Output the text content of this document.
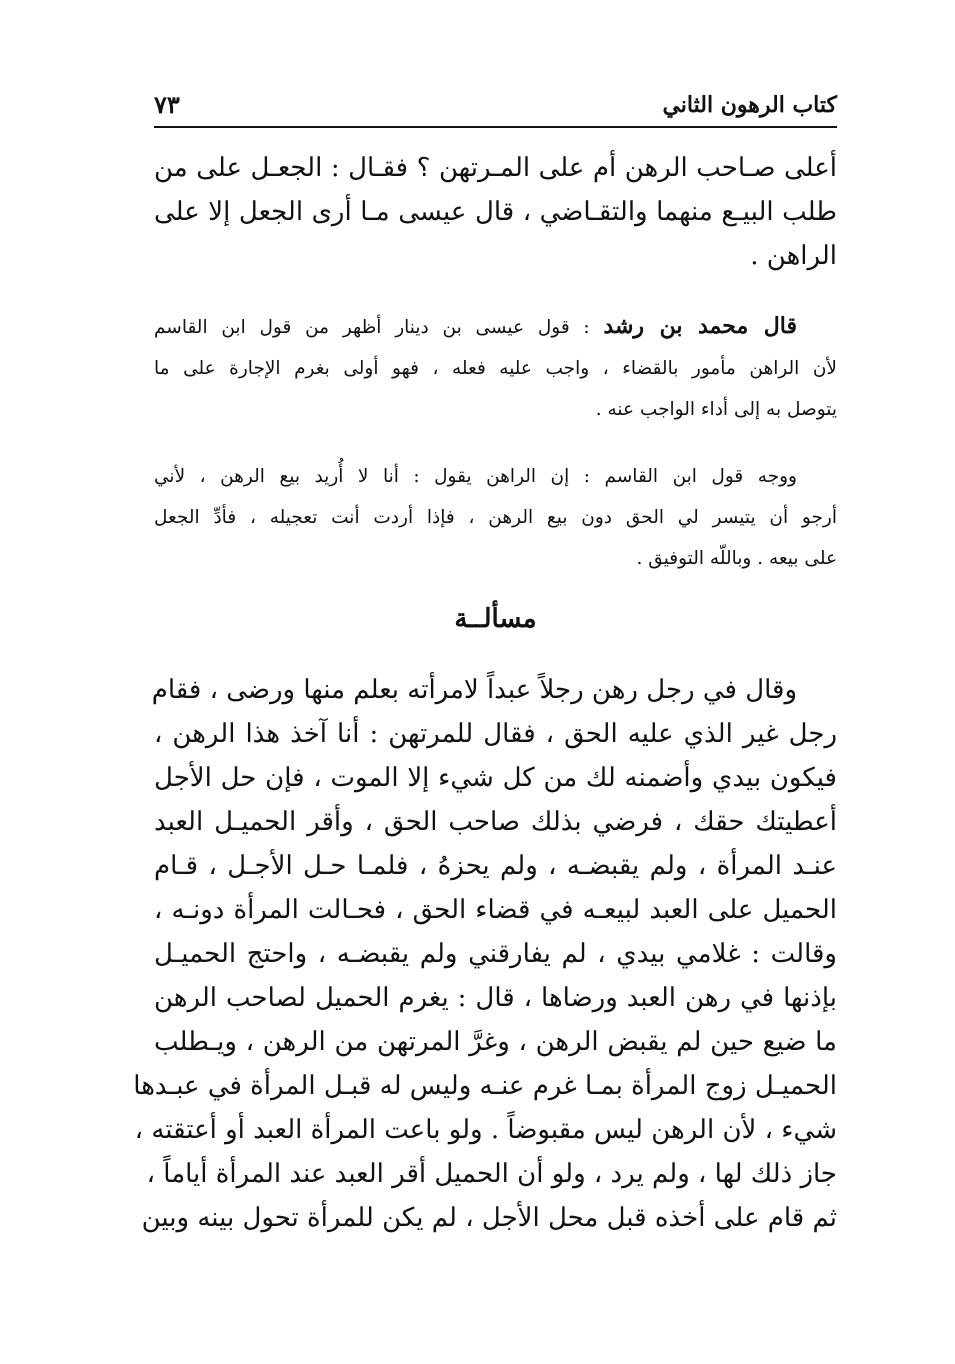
كتاب الرهون الثاني
٧٣
أعلى صـاحب الرهن أم على المـرتهن ؟ فقـال : الجعـل على من
طلب البيـع منهما والتقـاضي ، قال عيسى مـا أرى الجعل إلا على
الراهن .
قال محمد بن رشد : قول عيسى بن دينار أظهر من قول ابن القاسم
لأن الراهن مأمور بالقضاء ، واجب عليه فعله ، فهو أولى بغرم الإجارة على ما
يتوصل به إلى أداء الواجب عنه .
ووجه قول ابن القاسم : إن الراهن يقول : أنا لا أُريد بيع الرهن ، لأني
أرجو أن يتيسر لي الحق دون بيع الرهن ، فإذا أردت أنت تعجيله ، فأدِّ الجعل
على بيعه . وباللّه التوفيق .
مسألــة
وقال في رجل رهن رجلاً عبداً لامرأته بعلم منها ورضى ، فقام
رجل غير الذي عليه الحق ، فقال للمرتهن : أنا آخذ هذا الرهن ،
فيكون بيدي وأضمنه لك من كل شيء إلا الموت ، فإن حل الأجل
أعطيتك حقك ، فرضي بذلك صاحب الحق ، وأقر الحميـل العبد
عنـد المرأة ، ولم يقبضـه ، ولم يحزهُ ، فلمـا حـل الأجـل ، قـام
الحميل على العبد لبيعـه في قضاء الحق ، فحـالت المرأة دونـه ،
وقالت : غلامي بيدي ، لم يفارقني ولم يقبضـه ، واحتج الحميـل
بإذنها في رهن العبد ورضاها ، قال : يغرم الحميل لصاحب الرهن
ما ضيع حين لم يقبض الرهن ، وغرَّ المرتهن من الرهن ، ويـطلب
الحميـل زوج المرأة بمـا غرم عنـه وليس له قبـل المرأة في عبـدها
شيء ، لأن الرهن ليس مقبوضاً . ولو باعت المرأة العبد أو أعتقته ،
جاز ذلك لها ، ولم يرد ، ولو أن الحميل أقر العبد عند المرأة أياماً ،
ثم قام على أخذه قبل محل الأجل ، لم يكن للمرأة تحول بينه وبين
